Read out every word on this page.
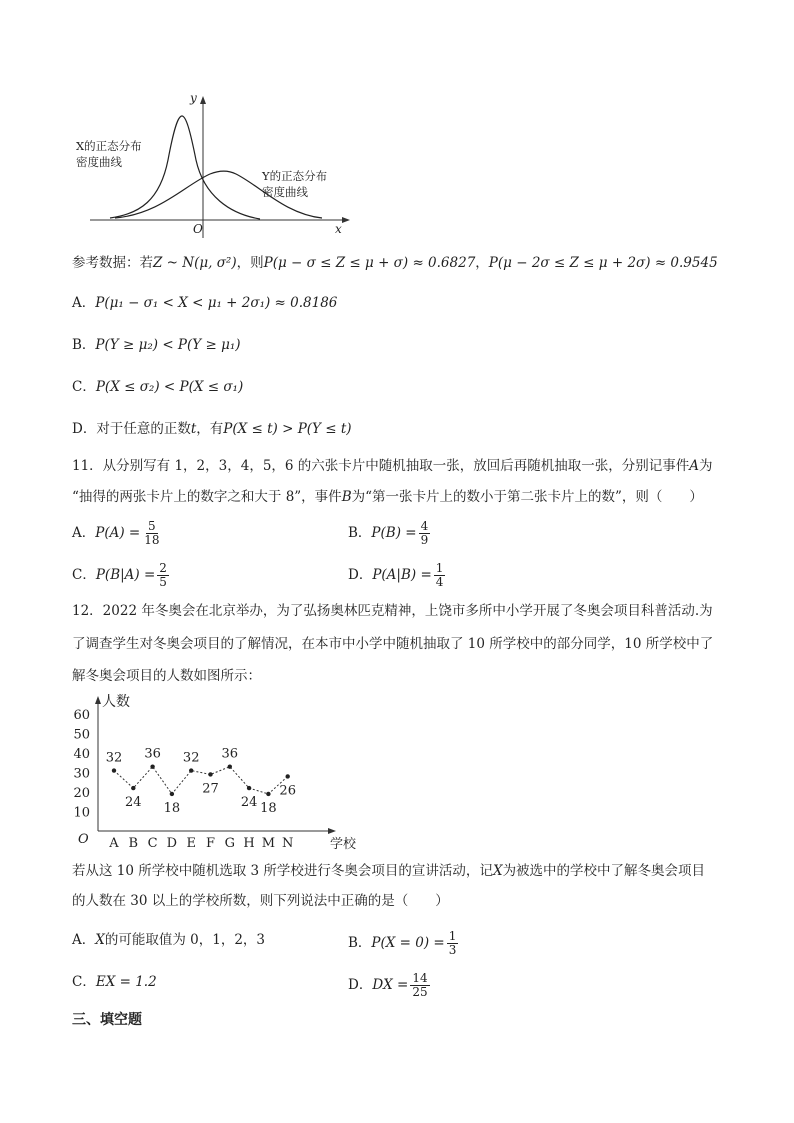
y
x
O
X的正态分布
密度曲线
Y的正态分布
密度曲线
参考数据：若Z ~ N(μ, σ²)，则P(μ − σ ≤ Z ≤ μ + σ) ≈ 0.6827，P(μ − 2σ ≤ Z ≤ μ + 2σ) ≈ 0.9545
A．P(μ₁ − σ₁ < X < μ₁ + 2σ₁) ≈ 0.8186
B．P(Y ≥ μ₂) < P(Y ≥ μ₁)
C．P(X ≤ σ₂) < P(X ≤ σ₁)
D．对于任意的正数t，有P(X ≤ t) > P(Y ≤ t)
11．从分别写有 1，2，3，4，5，6 的六张卡片中随机抽取一张，放回后再随机抽取一张，分别记事件A为
“抽得的两张卡片上的数字之和大于 8”，事件B为“第一张卡片上的数小于第二张卡片上的数”，则（　　）
A．$P(A) = \frac{5}{18}$	B．$P(B) = \frac{4}{9}$
C．$P(B|A) = \frac{2}{5}$	D．$P(A|B) = \frac{1}{4}$
12．2022 年冬奥会在北京举办，为了弘扬奥林匹克精神，上饶市多所中小学开展了冬奥会项目科普活动.为
了调查学生对冬奥会项目的了解情况，在本市中小学中随机抽取了 10 所学校中的部分同学，10 所学校中了
解冬奥会项目的人数如图所示：
人数
学校
O
10
20
30
40
50
60
A B C D E F G H M N
32
24
36
18
32
27
36
24 18
26
若从这 10 所学校中随机选取 3 所学校进行冬奥会项目的宣讲活动，记X为被选中的学校中了解冬奥会项目
的人数在 30 以上的学校所数，则下列说法中正确的是（　　）
A．X的可能取值为 0，1，2，3	B．$P(X = 0) = \frac{1}{3}$
C．EX = 1.2	D．DX = $\frac{14}{25}$
三、填空题
